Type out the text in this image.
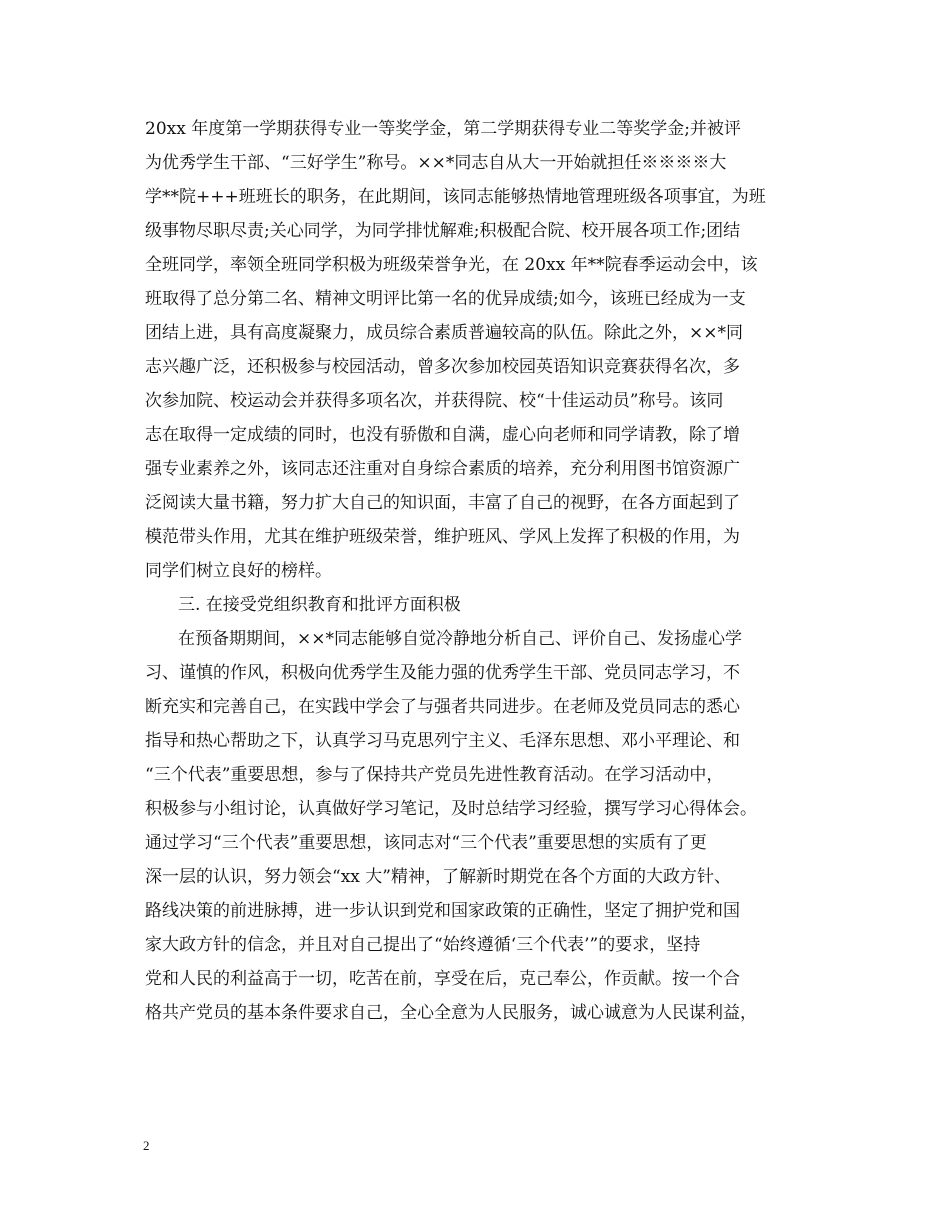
20xx 年度第一学期获得专业一等奖学金，第二学期获得专业二等奖学金;并被评
为优秀学生干部、“三好学生”称号。××*同志自从大一开始就担任※※※※大
学**院+++班班长的职务，在此期间，该同志能够热情地管理班级各项事宜，为班
级事物尽职尽责;关心同学，为同学排忧解难;积极配合院、校开展各项工作;团结
全班同学，率领全班同学积极为班级荣誉争光，在 20xx 年**院春季运动会中，该
班取得了总分第二名、精神文明评比第一名的优异成绩;如今，该班已经成为一支
团结上进，具有高度凝聚力，成员综合素质普遍较高的队伍。除此之外，××*同
志兴趣广泛，还积极参与校园活动，曾多次参加校园英语知识竞赛获得名次，多
次参加院、校运动会并获得多项名次，并获得院、校“十佳运动员”称号。该同
志在取得一定成绩的同时，也没有骄傲和自满，虚心向老师和同学请教，除了增
强专业素养之外，该同志还注重对自身综合素质的培养，充分利用图书馆资源广
泛阅读大量书籍，努力扩大自己的知识面，丰富了自己的视野，在各方面起到了
模范带头作用，尤其在维护班级荣誉，维护班风、学风上发挥了积极的作用，为
同学们树立良好的榜样。
三. 在接受党组织教育和批评方面积极
在预备期期间，××*同志能够自觉冷静地分析自己、评价自己、发扬虚心学
习、谨慎的作风，积极向优秀学生及能力强的优秀学生干部、党员同志学习，不
断充实和完善自己，在实践中学会了与强者共同进步。在老师及党员同志的悉心
指导和热心帮助之下，认真学习马克思列宁主义、毛泽东思想、邓小平理论、和
“三个代表”重要思想，参与了保持共产党员先进性教育活动。在学习活动中，
积极参与小组讨论，认真做好学习笔记，及时总结学习经验，撰写学习心得体会。
通过学习“三个代表”重要思想，该同志对“三个代表”重要思想的实质有了更
深一层的认识，努力领会“xx 大”精神，了解新时期党在各个方面的大政方针、
路线决策的前进脉搏，进一步认识到党和国家政策的正确性，坚定了拥护党和国
家大政方针的信念，并且对自己提出了“始终遵循‘三个代表’”的要求，坚持
党和人民的利益高于一切，吃苦在前，享受在后，克己奉公，作贡献。按一个合
格共产党员的基本条件要求自己，全心全意为人民服务，诚心诚意为人民谋利益，
2
